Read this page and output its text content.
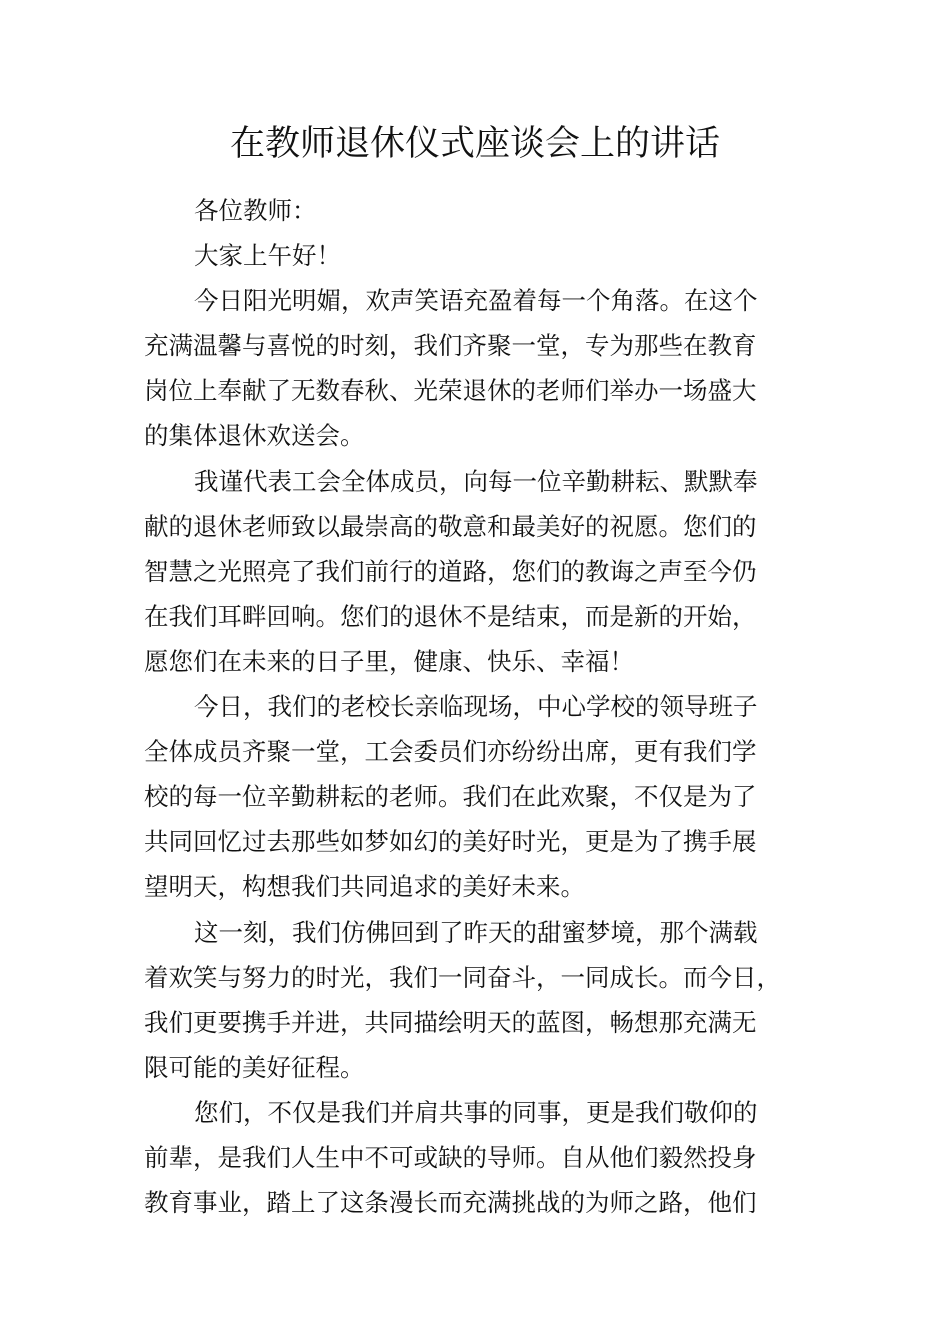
在教师退休仪式座谈会上的讲话

各位教师：

大家上午好！

今日阳光明媚，欢声笑语充盈着每一个角落。在这个
充满温馨与喜悦的时刻，我们齐聚一堂，专为那些在教育
岗位上奉献了无数春秋、光荣退休的老师们举办一场盛大
的集体退休欢送会。

我谨代表工会全体成员，向每一位辛勤耕耘、默默奉
献的退休老师致以最崇高的敬意和最美好的祝愿。您们的
智慧之光照亮了我们前行的道路，您们的教诲之声至今仍
在我们耳畔回响。您们的退休不是结束，而是新的开始，
愿您们在未来的日子里，健康、快乐、幸福！

今日，我们的老校长亲临现场，中心学校的领导班子
全体成员齐聚一堂，工会委员们亦纷纷出席，更有我们学
校的每一位辛勤耕耘的老师。我们在此欢聚，不仅是为了
共同回忆过去那些如梦如幻的美好时光，更是为了携手展
望明天，构想我们共同追求的美好未来。

这一刻，我们仿佛回到了昨天的甜蜜梦境，那个满载
着欢笑与努力的时光，我们一同奋斗，一同成长。而今日，
我们更要携手并进，共同描绘明天的蓝图，畅想那充满无
限可能的美好征程。

您们，不仅是我们并肩共事的同事，更是我们敬仰的
前辈，是我们人生中不可或缺的导师。自从他们毅然投身
教育事业，踏上了这条漫长而充满挑战的为师之路，他们
